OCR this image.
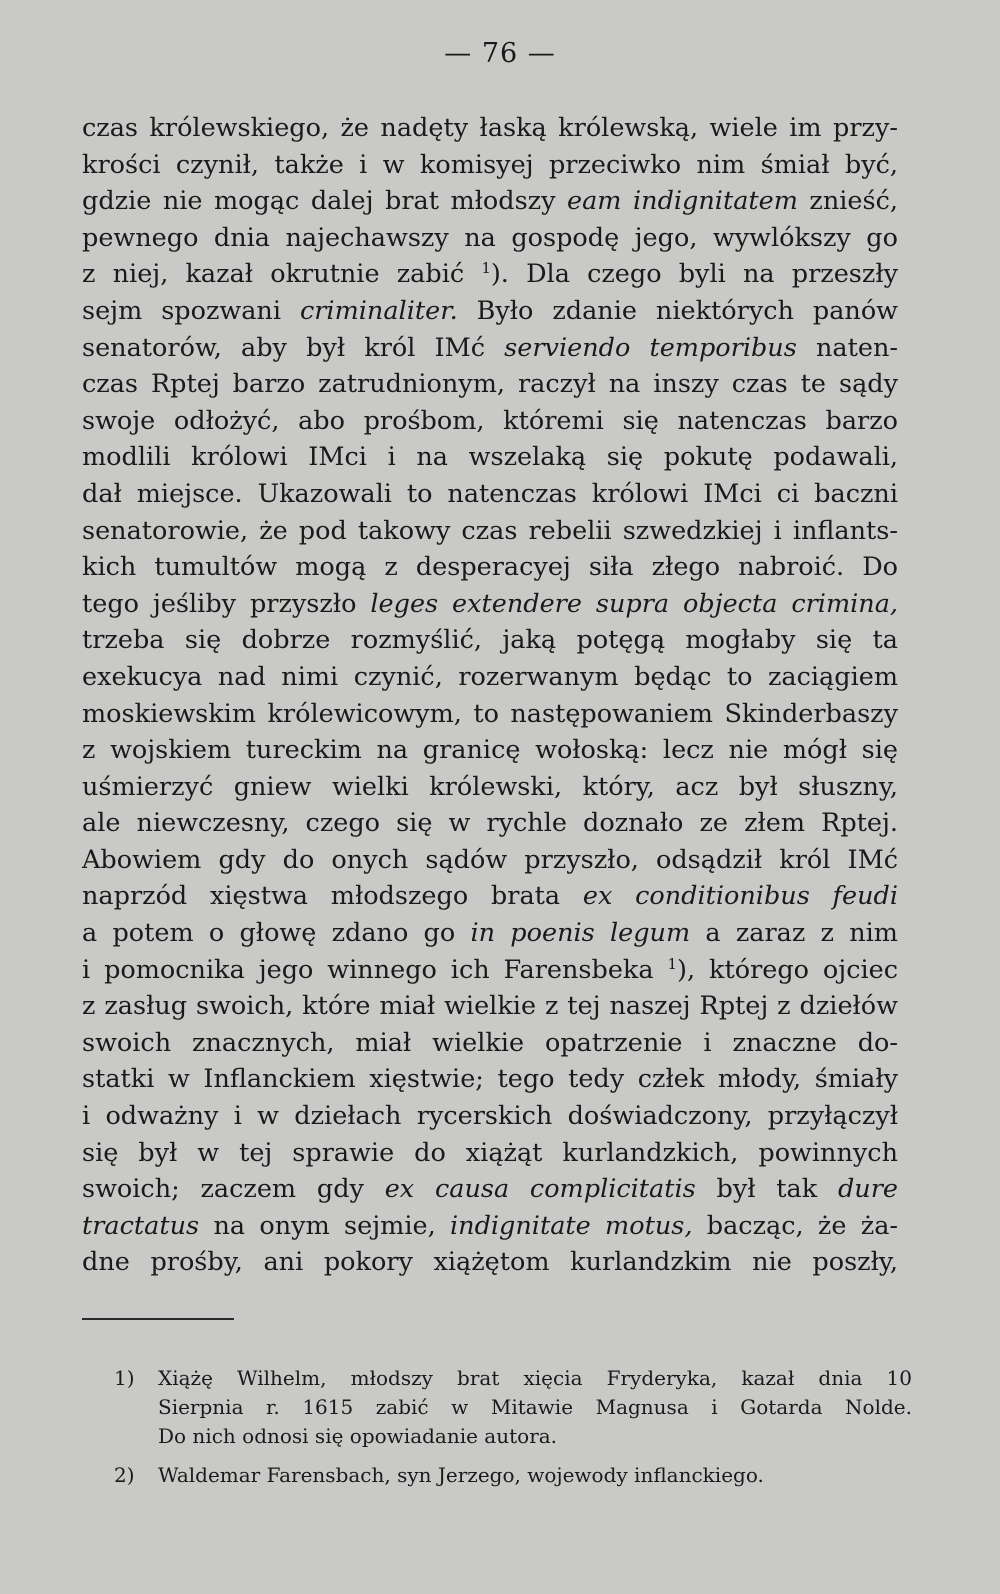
— 76 —
czas królewskiego, że nadęty łaską królewską, wiele im przy-
krości czynił, także i w komisyej przeciwko nim śmiał być,
gdzie nie mogąc dalej brat młodszy eam indignitatem znieść,
pewnego dnia najechawszy na gospodę jego, wywlókszy go
z niej, kazał okrutnie zabić $^1$). Dla czego byli na przeszły
sejm spozwani criminaliter. Było zdanie niektórych panów
senatorów, aby był król IMć serviendo temporibus naten-
czas Rptej barzo zatrudnionym, raczył na inszy czas te sądy
swoje odłożyć, abo prośbom, któremi się natenczas barzo
modlili królowi IMci i na wszelaką się pokutę podawali,
dał miejsce. Ukazowali to natenczas królowi IMci ci baczni
senatorowie, że pod takowy czas rebelii szwedzkiej i inflants-
kich tumultów mogą z desperacyej siła złego nabroić. Do
tego jeśliby przyszło leges extendere supra objecta crimina,
trzeba się dobrze rozmyślić, jaką potęgą mogłaby się ta
exekucya nad nimi czynić, rozerwanym będąc to zaciągiem
moskiewskim królewicowym, to następowaniem Skinderbaszy
z wojskiem tureckim na granicę wołoską: lecz nie mógł się
uśmierzyć gniew wielki królewski, który, acz był słuszny,
ale niewczesny, czego się w rychle doznało ze złem Rptej.
Abowiem gdy do onych sądów przyszło, odsądził król IMć
naprzód xięstwa młodszego brata ex conditionibus feudi
a potem o głowę zdano go in poenis legum a zaraz z nim
i pomocnika jego winnego ich Farensbeka $^1$), którego ojciec
z zasług swoich, które miał wielkie z tej naszej Rptej z dziełów
swoich znacznych, miał wielkie opatrzenie i znaczne do-
statki w Inflanckiem xięstwie; tego tedy człek młody, śmiały
i odważny i w dziełach rycerskich doświadczony, przyłączył
się był w tej sprawie do xiążąt kurlandzkich, powinnych
swoich; zaczem gdy ex causa complicitatis był tak dure
tractatus na onym sejmie, indignitate motus, bacząc, że ża-
dne prośby, ani pokory xiążętom kurlandzkim nie poszły,
1)	Xiążę Wilhelm, młodszy brat xięcia Fryderyka, kazał dnia 10
Sierpnia r. 1615 zabić w Mitawie Magnusa i Gotarda Nolde.
Do nich odnosi się opowiadanie autora.
2)	Waldemar Farensbach, syn Jerzego, wojewody inflanckiego.
